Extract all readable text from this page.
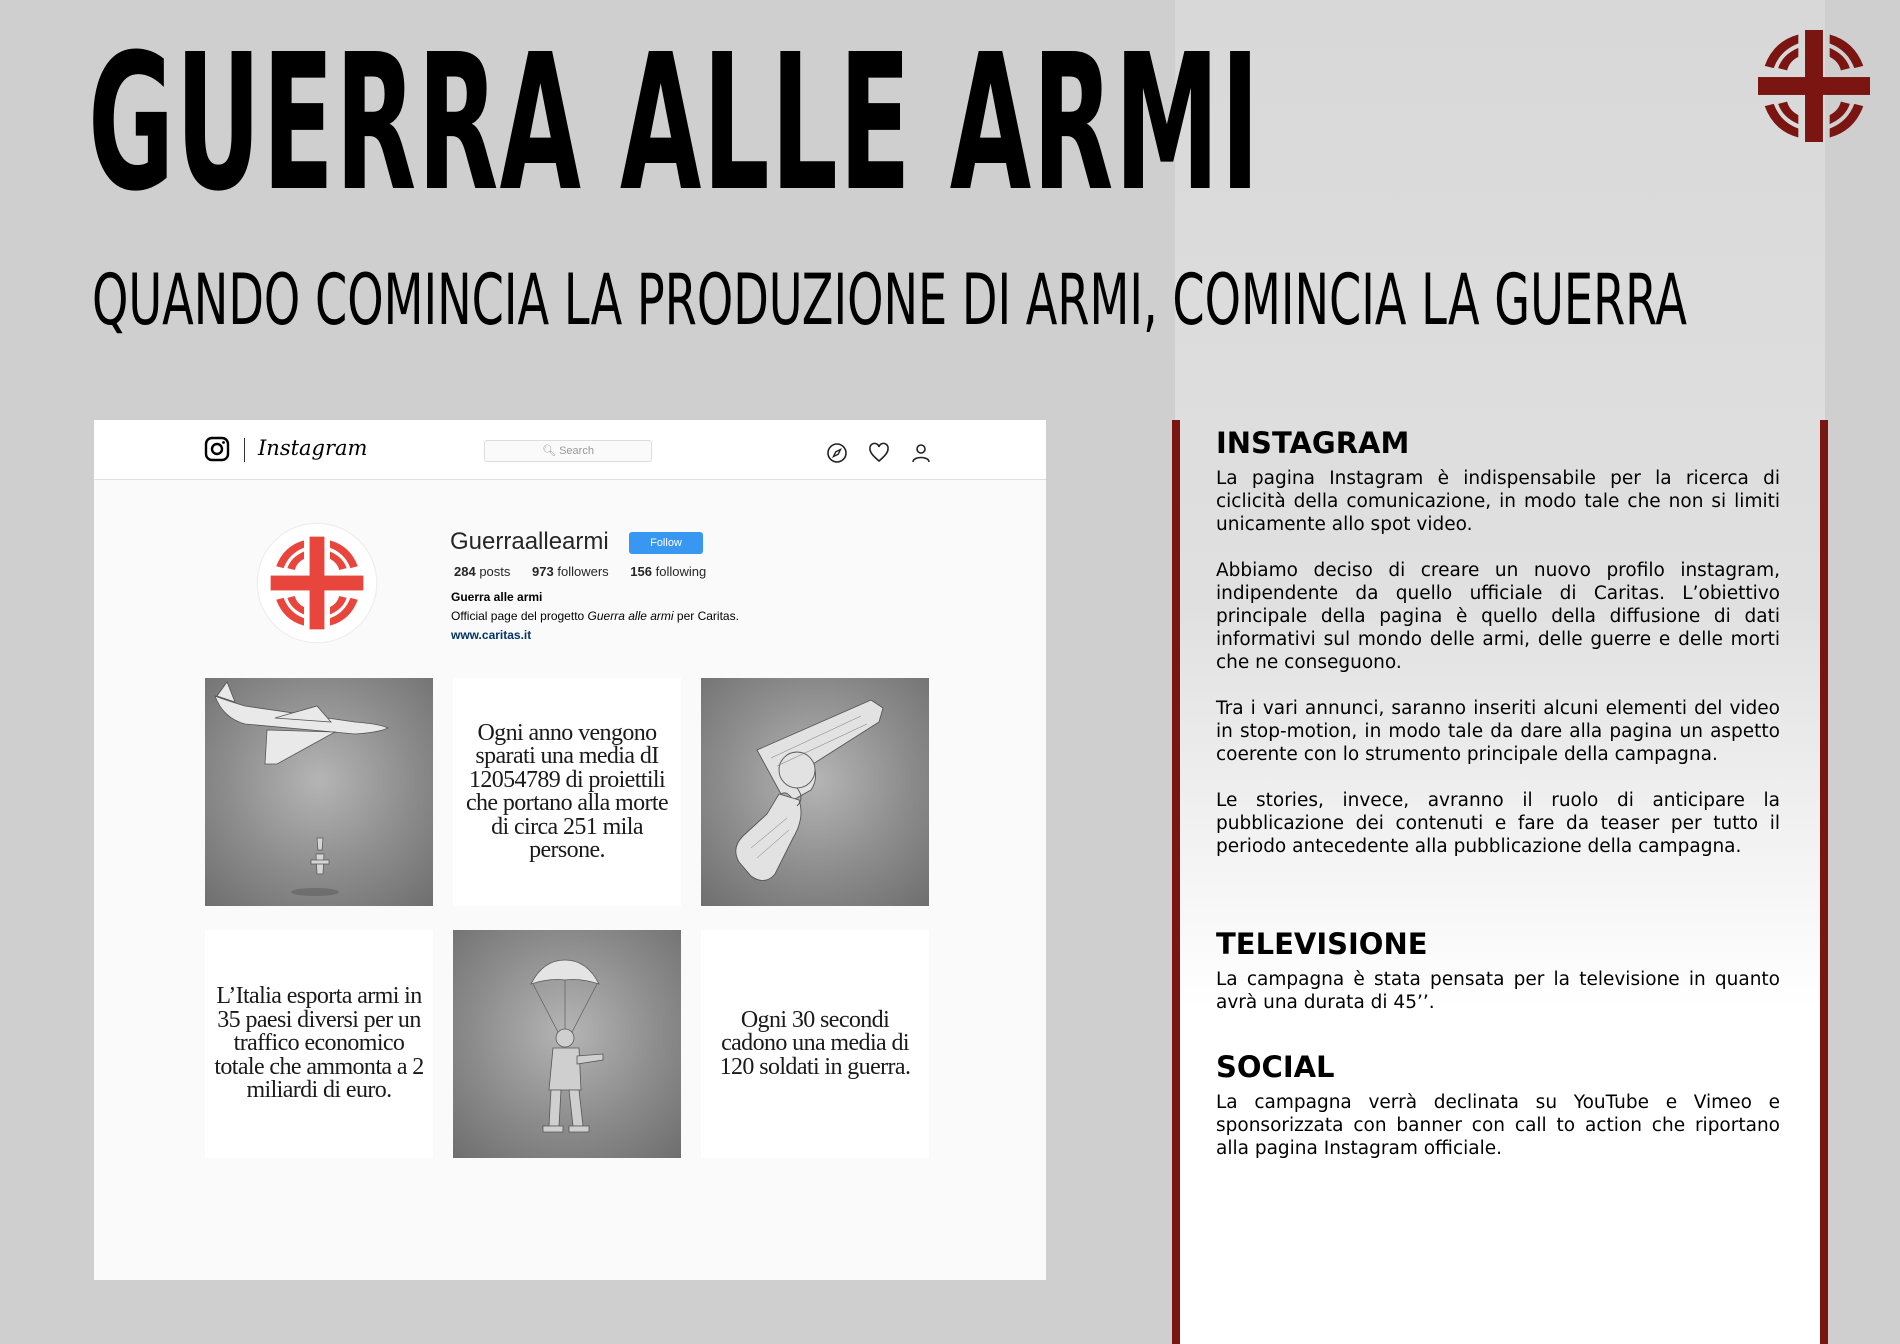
GUERRA ALLE ARMI
QUANDO COMINCIA LA PRODUZIONE DI ARMI, COMINCIA LA GUERRA
Instagram	🔍︎ Search
Guerraallearmi	Follow
284 posts 973 followers 156 following
Guerra alle armi
Official page del progetto Guerra alle armi per Caritas.
www.caritas.it
Ogni anno vengono sparati una media dI 12054789 di proiettili che portano alla morte di circa 251 mila persone.
L’Italia esporta armi in 35 paesi diversi per un traffico economico totale che ammonta a 2 miliardi di euro.
Ogni 30 secondi cadono una media di 120 soldati in guerra.
INSTAGRAM

La pagina Instagram è indispensabile per la ricerca di ciclicità della comunicazione, in modo tale che non si limiti unicamente allo spot video.

Abbiamo deciso di creare un nuovo profilo instagram, indipendente da quello ufficiale di Caritas. L’obiettivo principale della pagina è quello della diffusione di dati informativi sul mondo delle armi, delle guerre e delle morti che ne conseguono.

Tra i vari annunci, saranno inseriti alcuni elementi del video in stop-motion, in modo tale da dare alla pagina un aspetto coerente con lo strumento principale della campagna.

Le stories, invece, avranno il ruolo di anticipare la pubblicazione dei contenuti e fare da teaser per tutto il periodo antecedente alla pubblicazione della campagna.

TELEVISIONE

La campagna è stata pensata per la televisione in quanto avrà una durata di 45’’.

SOCIAL

La campagna verrà declinata su YouTube e Vimeo e sponsorizzata con banner con call to action che riportano alla pagina Instagram officiale.
